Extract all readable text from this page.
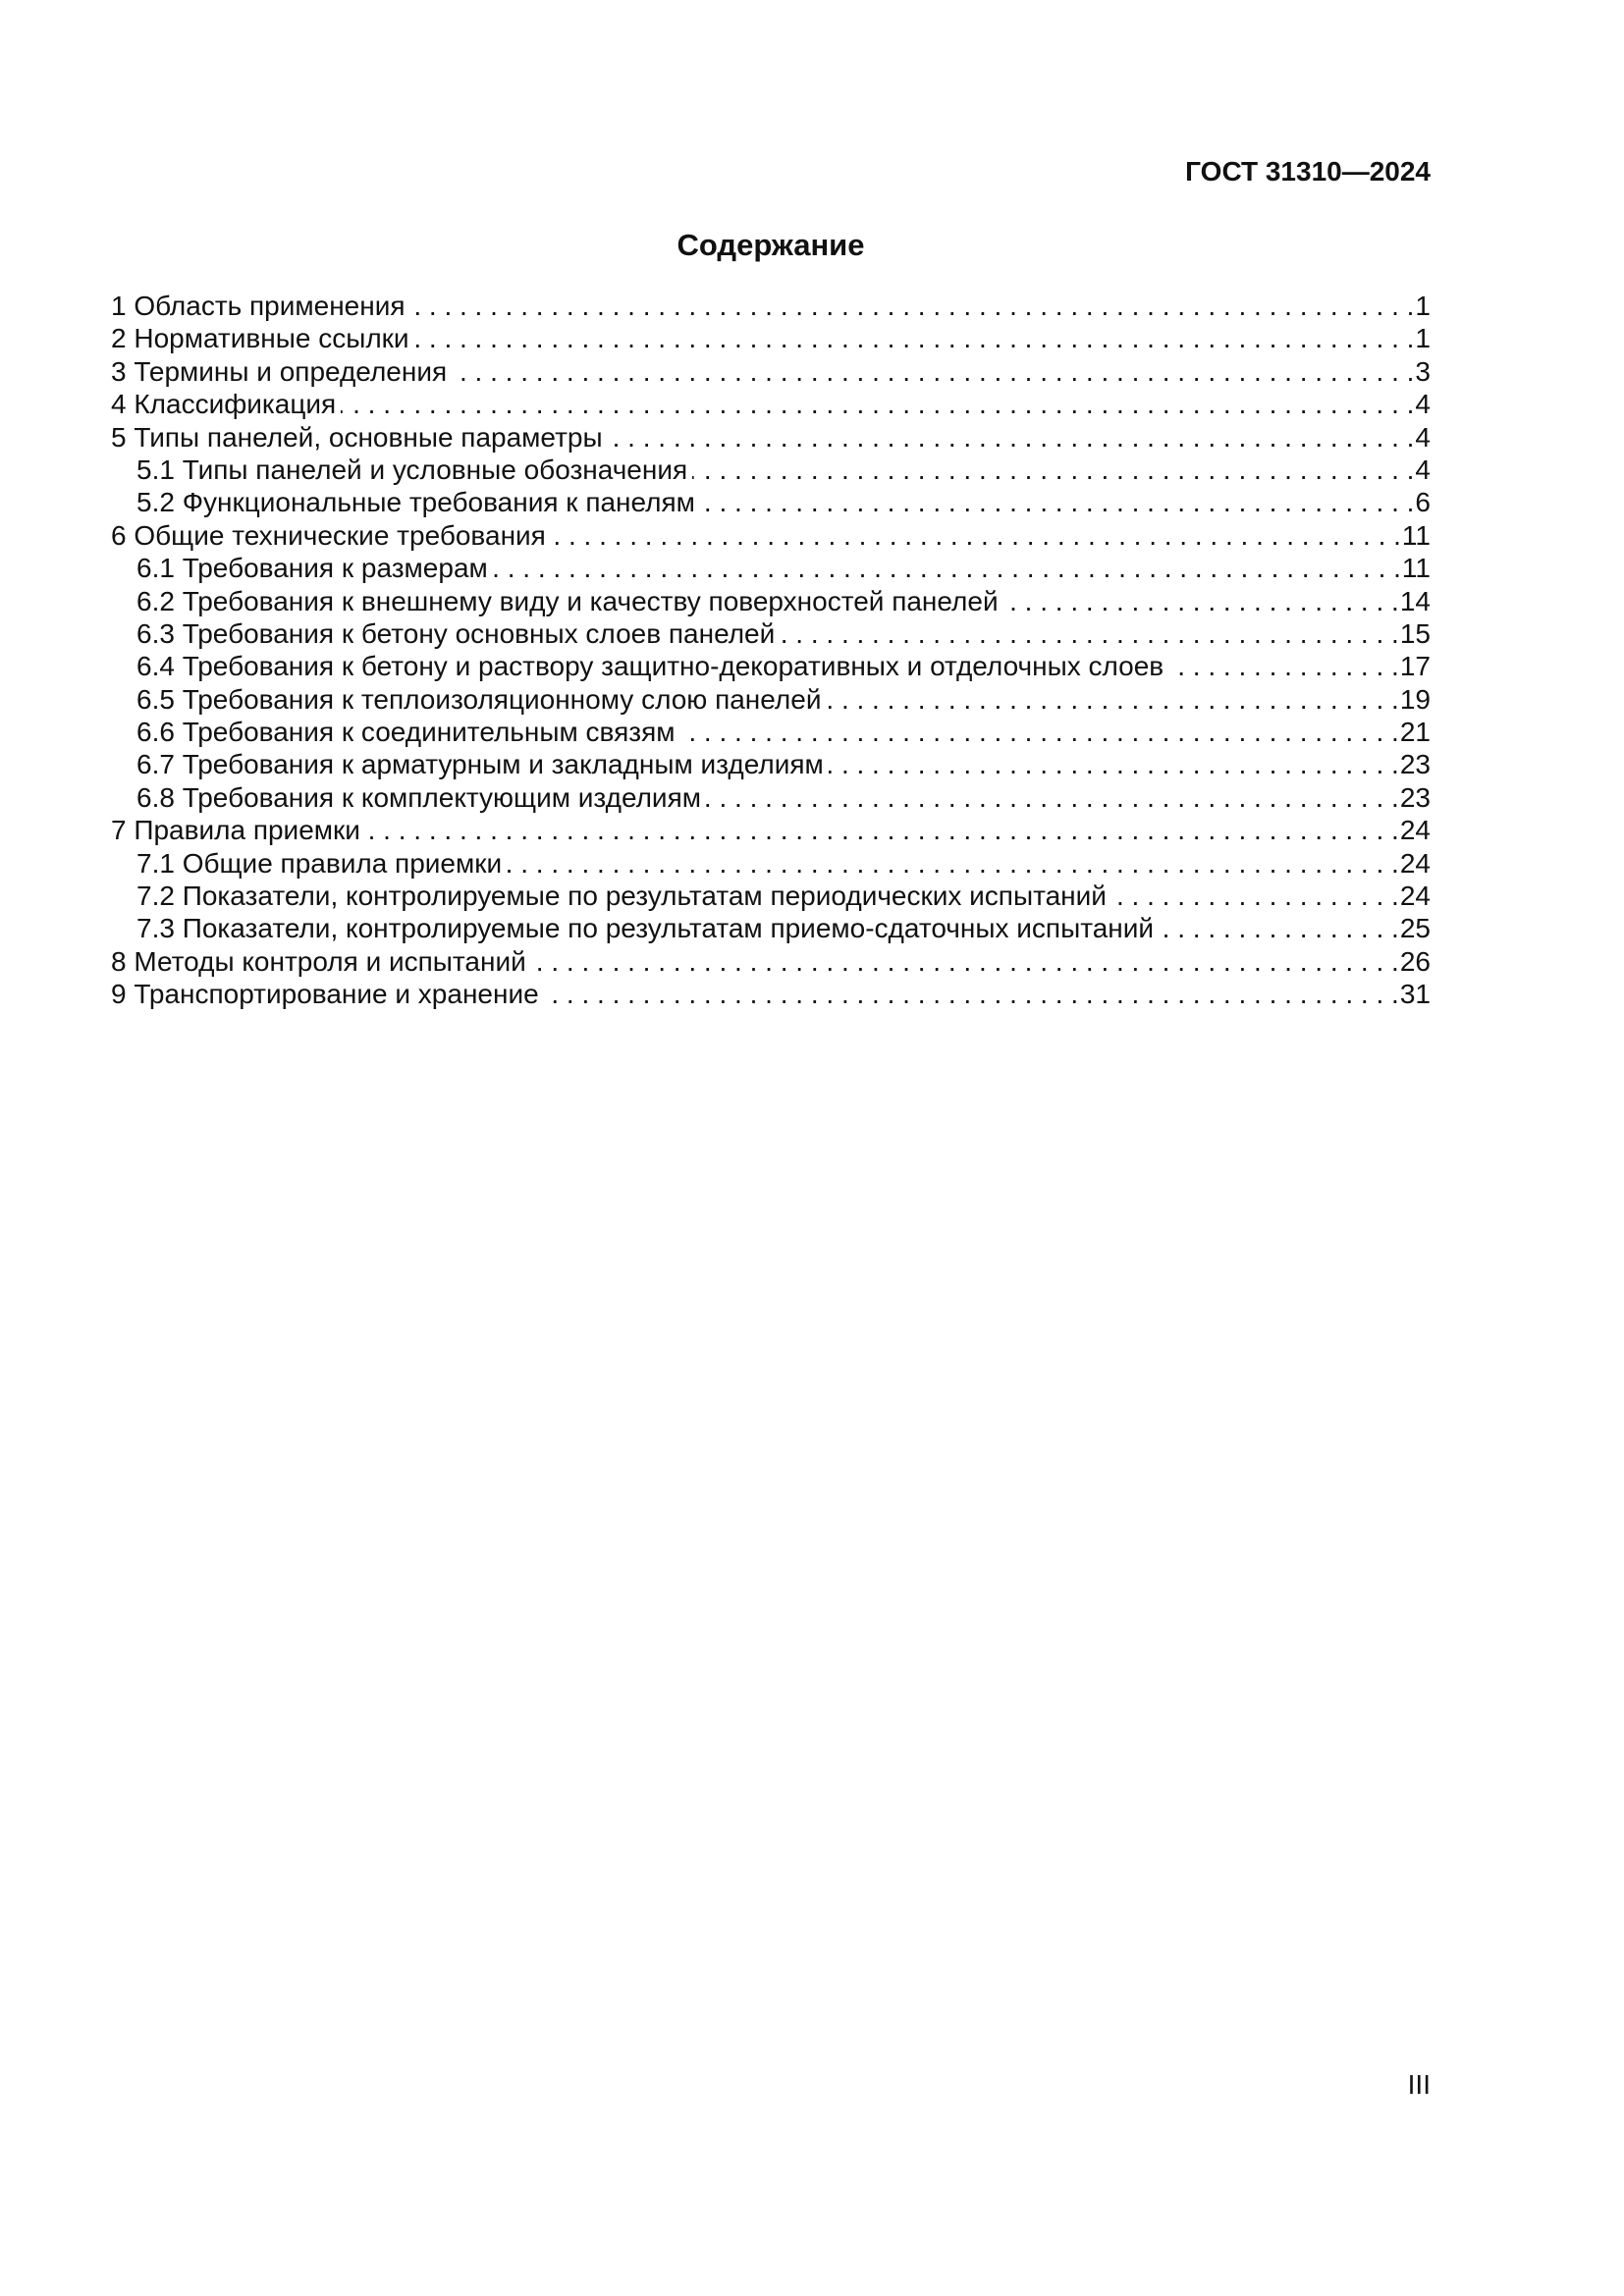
ГОСТ 31310—2024
Содержание
1 Область применения . . .	1
2 Нормативные ссылки . . .	1
3 Термины и определения . . .	3
4 Классификация . . .	4
5 Типы панелей, основные параметры . . .	4
5.1 Типы панелей и условные обозначения . . .	4
5.2 Функциональные требования к панелям . . .	6
6 Общие технические требования . . .	11
6.1 Требования к размерам . . .	11
6.2 Требования к внешнему виду и качеству поверхностей панелей . . .	14
6.3 Требования к бетону основных слоев панелей . . .	15
6.4 Требования к бетону и раствору защитно-декоративных и отделочных слоев . . .	17
6.5 Требования к теплоизоляционному слою панелей . . .	19
6.6 Требования к соединительным связям . . .	21
6.7 Требования к арматурным и закладным изделиям . . .	23
6.8 Требования к комплектующим изделиям . . .	23
7 Правила приемки . . .	24
7.1 Общие правила приемки . . .	24
7.2 Показатели, контролируемые по результатам периодических испытаний . . .	24
7.3 Показатели, контролируемые по результатам приемо-сдаточных испытаний . . .	25
8 Методы контроля и испытаний . . .	26
9 Транспортирование и хранение . . .	31
III
